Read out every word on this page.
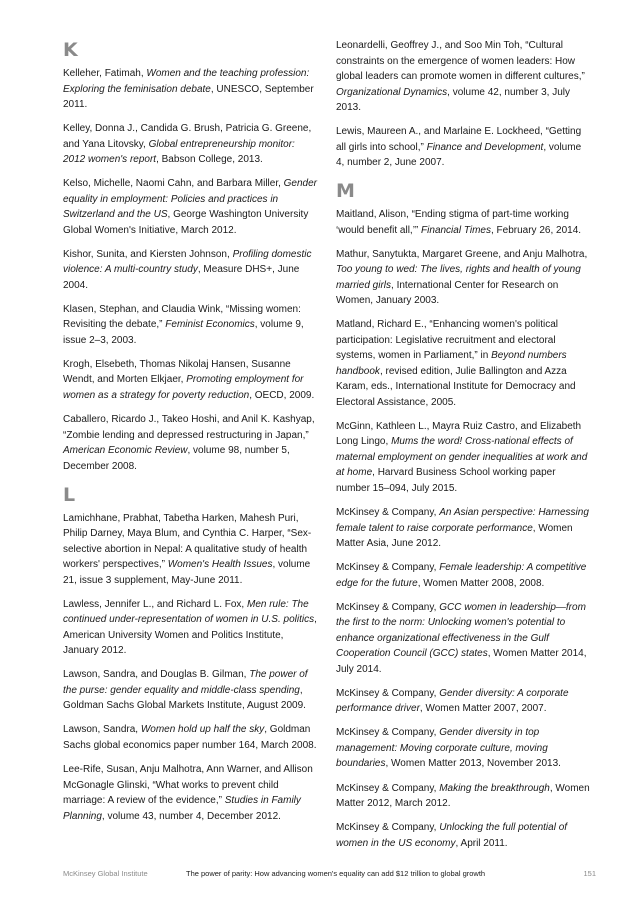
K

Kelleher, Fatimah, Women and the teaching profession: Exploring the feminisation debate, UNESCO, September 2011.

Kelley, Donna J., Candida G. Brush, Patricia G. Greene, and Yana Litovsky, Global entrepreneurship monitor: 2012 women's report, Babson College, 2013.

Kelso, Michelle, Naomi Cahn, and Barbara Miller, Gender equality in employment: Policies and practices in Switzerland and the US, George Washington University Global Women's Initiative, March 2012.

Kishor, Sunita, and Kiersten Johnson, Profiling domestic violence: A multi-country study, Measure DHS+, June 2004.

Klasen, Stephan, and Claudia Wink, “Missing women: Revisiting the debate,” Feminist Economics, volume 9, issue 2–3, 2003.

Krogh, Elsebeth, Thomas Nikolaj Hansen, Susanne Wendt, and Morten Elkjaer, Promoting employment for women as a strategy for poverty reduction, OECD, 2009.

Caballero, Ricardo J., Takeo Hoshi, and Anil K. Kashyap, “Zombie lending and depressed restructuring in Japan,” American Economic Review, volume 98, number 5, December 2008.

L

Lamichhane, Prabhat, Tabetha Harken, Mahesh Puri, Philip Darney, Maya Blum, and Cynthia C. Harper, “Sex-selective abortion in Nepal: A qualitative study of health workers' perspectives,” Women's Health Issues, volume 21, issue 3 supplement, May-June 2011.

Lawless, Jennifer L., and Richard L. Fox, Men rule: The continued under-representation of women in U.S. politics, American University Women and Politics Institute, January 2012.

Lawson, Sandra, and Douglas B. Gilman, The power of the purse: gender equality and middle-class spending, Goldman Sachs Global Markets Institute, August 2009.

Lawson, Sandra, Women hold up half the sky, Goldman Sachs global economics paper number 164, March 2008.

Lee-Rife, Susan, Anju Malhotra, Ann Warner, and Allison McGonagle Glinski, “What works to prevent child marriage: A review of the evidence,” Studies in Family Planning, volume 43, number 4, December 2012.

Leonardelli, Geoffrey J., and Soo Min Toh, “Cultural constraints on the emergence of women leaders: How global leaders can promote women in different cultures,” Organizational Dynamics, volume 42, number 3, July 2013.

Lewis, Maureen A., and Marlaine E. Lockheed, “Getting all girls into school,” Finance and Development, volume 4, number 2, June 2007.

M

Maitland, Alison, “Ending stigma of part-time working ‘would benefit all,’” Financial Times, February 26, 2014.

Mathur, Sanytukta, Margaret Greene, and Anju Malhotra, Too young to wed: The lives, rights and health of young married girls, International Center for Research on Women, January 2003.

Matland, Richard E., “Enhancing women's political participation: Legislative recruitment and electoral systems, women in Parliament,” in Beyond numbers handbook, revised edition, Julie Ballington and Azza Karam, eds., International Institute for Democracy and Electoral Assistance, 2005.

McGinn, Kathleen L., Mayra Ruiz Castro, and Elizabeth Long Lingo, Mums the word! Cross-national effects of maternal employment on gender inequalities at work and at home, Harvard Business School working paper number 15–094, July 2015.

McKinsey & Company, An Asian perspective: Harnessing female talent to raise corporate performance, Women Matter Asia, June 2012.

McKinsey & Company, Female leadership: A competitive edge for the future, Women Matter 2008, 2008.

McKinsey & Company, GCC women in leadership—from the first to the norm: Unlocking women's potential to enhance organizational effectiveness in the Gulf Cooperation Council (GCC) states, Women Matter 2014, July 2014.

McKinsey & Company, Gender diversity: A corporate performance driver, Women Matter 2007, 2007.

McKinsey & Company, Gender diversity in top management: Moving corporate culture, moving boundaries, Women Matter 2013, November 2013.

McKinsey & Company, Making the breakthrough, Women Matter 2012, March 2012.

McKinsey & Company, Unlocking the full potential of women in the US economy, April 2011.

McKinsey Global Institute	The power of parity: How advancing women's equality can add $12 trillion to global growth	151
